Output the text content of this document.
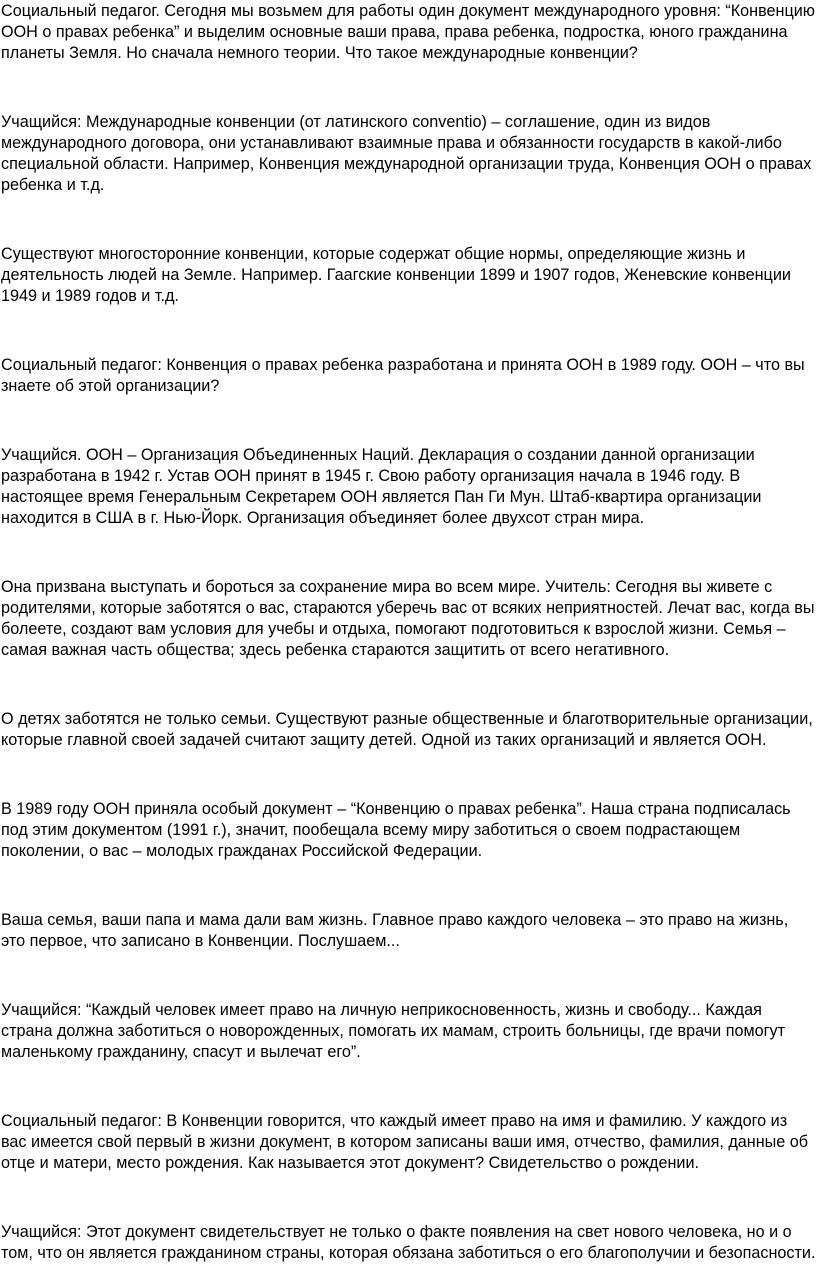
Социальный педагог. Сегодня мы возьмем для работы один документ международного уровня: “Конвенцию ООН о правах ребенка” и выделим основные ваши права, права ребенка, подростка, юного гражданина планеты Земля. Но сначала немного теории. Что такое международные конвенции?

Учащийся: Международные конвенции (от латинского conventio) – соглашение, один из видов международного договора, они устанавливают взаимные права и обязанности государств в какой-либо специальной области. Например, Конвенция международной организации труда, Конвенция ООН о правах ребенка и т.д.

Существуют многосторонние конвенции, которые содержат общие нормы, определяющие жизнь и деятельность людей на Земле. Например. Гаагские конвенции 1899 и 1907 годов, Женевские конвенции 1949 и 1989 годов и т.д.

Социальный педагог: Конвенция о правах ребенка разработана и принята ООН в 1989 году. ООН – что вы знаете об этой организации?

Учащийся. ООН – Организация Объединенных Наций. Декларация о создании данной организации разработана в 1942 г. Устав ООН принят в 1945 г. Свою работу организация начала в 1946 году. В настоящее время Генеральным Секретарем ООН является Пан Ги Мун. Штаб-квартира организации находится в США в г. Нью-Йорк. Организация объединяет более двухсот стран мира.

Она призвана выступать и бороться за сохранение мира во всем мире. Учитель: Сегодня вы живете с родителями, которые заботятся о вас, стараются уберечь вас от всяких неприятностей. Лечат вас, когда вы болеете, создают вам условия для учебы и отдыха, помогают подготовиться к взрослой жизни. Семья – самая важная часть общества; здесь ребенка стараются защитить от всего негативного.

О детях заботятся не только семьи. Существуют разные общественные и благотворительные организации, которые главной своей задачей считают защиту детей. Одной из таких организаций и является ООН.

В 1989 году ООН приняла особый документ – “Конвенцию о правах ребенка”. Наша страна подписалась под этим документом (1991 г.), значит, пообещала всему миру заботиться о своем подрастающем поколении, о вас – молодых гражданах Российской Федерации.

Ваша семья, ваши папа и мама дали вам жизнь. Главное право каждого человека – это право на жизнь, это первое, что записано в Конвенции. Послушаем...

Учащийся: “Каждый человек имеет право на личную неприкосновенность, жизнь и свободу... Каждая страна должна заботиться о новорожденных, помогать их мамам, строить больницы, где врачи помогут маленькому гражданину, спасут и вылечат его”.

Социальный педагог: В Конвенции говорится, что каждый имеет право на имя и фамилию. У каждого из вас имеется свой первый в жизни документ, в котором записаны ваши имя, отчество, фамилия, данные об отце и матери, место рождения. Как называется этот документ? Свидетельство о рождении.

Учащийся: Этот документ свидетельствует не только о факте появления на свет нового человека, но и о том, что он является гражданином страны, которая обязана заботиться о его благополучии и безопасности.
